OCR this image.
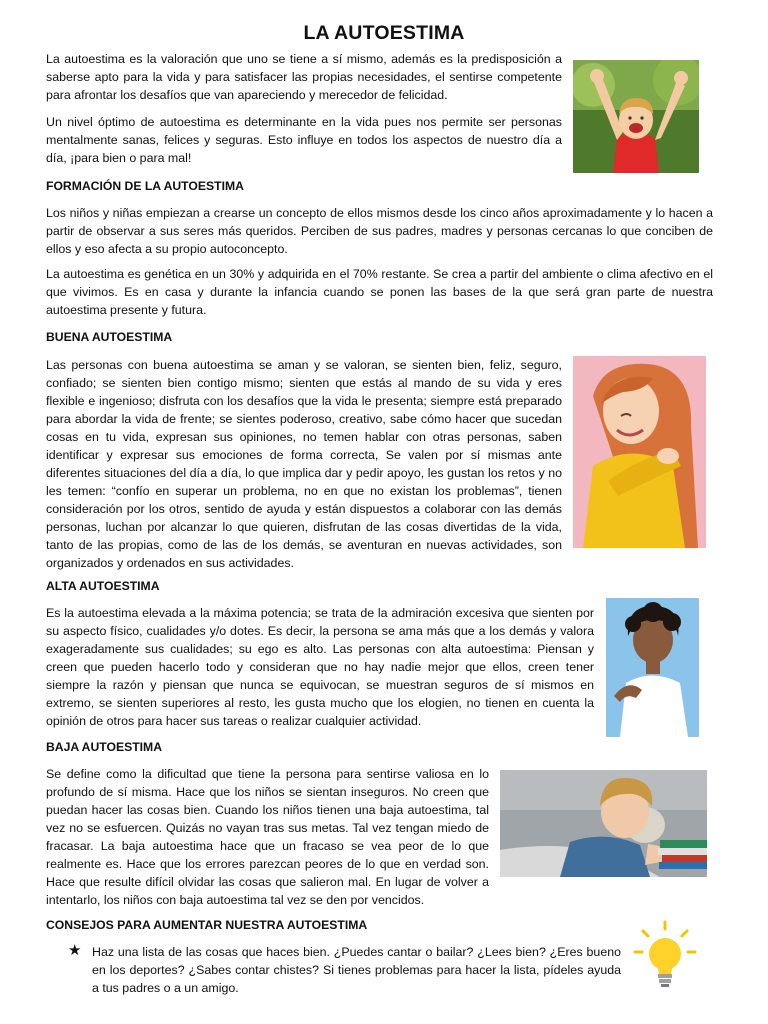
LA AUTOESTIMA

La autoestima es la valoración que uno se tiene a sí mismo, además es la predisposición a saberse apto para la vida y para satisfacer las propias necesidades, el sentirse competente para afrontar los desafíos que van apareciendo y merecedor de felicidad.

Un nivel óptimo de autoestima es determinante en la vida pues nos permite ser personas mentalmente sanas, felices y seguras. Esto influye en todos los aspectos de nuestro día a día, ¡para bien o para mal!

FORMACIÓN DE LA AUTOESTIMA

Los niños y niñas empiezan a crearse un concepto de ellos mismos desde los cinco años aproximadamente y lo hacen a partir de observar a sus seres más queridos. Perciben de sus padres, madres y personas cercanas lo que conciben de ellos y eso afecta a su propio autoconcepto.

La autoestima es genética en un 30% y adquirida en el 70% restante. Se crea a partir del ambiente o clima afectivo en el que vivimos. Es en casa y durante la infancia cuando se ponen las bases de la que será gran parte de nuestra autoestima presente y futura.

BUENA AUTOESTIMA

Las personas con buena autoestima se aman y se valoran, se sienten bien, feliz, seguro, confiado; se sienten bien contigo mismo; sienten que estás al mando de su vida y eres flexible e ingenioso; disfruta con los desafíos que la vida le presenta; siempre está preparado para abordar la vida de frente; se sientes poderoso, creativo, sabe cómo hacer que sucedan cosas en tu vida, expresan sus opiniones, no temen hablar con otras personas, saben identificar y expresar sus emociones de forma correcta, Se valen por sí mismas ante diferentes situaciones del día a día, lo que implica dar y pedir apoyo, les gustan los retos y no les temen: “confío en superar un problema, no en que no existan los problemas”, tienen consideración por los otros, sentido de ayuda y están dispuestos a colaborar con las demás personas, luchan por alcanzar lo que quieren, disfrutan de las cosas divertidas de la vida, tanto de las propias, como de las de los demás, se aventuran en nuevas actividades, son organizados y ordenados en sus actividades.

ALTA AUTOESTIMA

Es la autoestima elevada a la máxima potencia; se trata de la admiración excesiva que sienten por su aspecto físico, cualidades y/o dotes. Es decir, la persona se ama más que a los demás y valora exageradamente sus cualidades; su ego es alto. Las personas con alta autoestima: Piensan y creen que pueden hacerlo todo y consideran que no hay nadie mejor que ellos, creen tener siempre la razón y piensan que nunca se equivocan, se muestran seguros de sí mismos en extremo, se sienten superiores al resto, les gusta mucho que los elogien, no tienen en cuenta la opinión de otros para hacer sus tareas o realizar cualquier actividad.

BAJA AUTOESTIMA

Se define como la dificultad que tiene la persona para sentirse valiosa en lo profundo de sí misma. Hace que los niños se sientan inseguros. No creen que puedan hacer las cosas bien. Cuando los niños tienen una baja autoestima, tal vez no se esfuercen. Quizás no vayan tras sus metas. Tal vez tengan miedo de fracasar. La baja autoestima hace que un fracaso se vea peor de lo que realmente es. Hace que los errores parezcan peores de lo que en verdad son. Hace que resulte difícil olvidar las cosas que salieron mal. En lugar de volver a intentarlo, los niños con baja autoestima tal vez se den por vencidos.

CONSEJOS PARA AUMENTAR NUESTRA AUTOESTIMA

★ Haz una lista de las cosas que haces bien. ¿Puedes cantar o bailar? ¿Lees bien? ¿Eres bueno en los deportes? ¿Sabes contar chistes? Si tienes problemas para hacer la lista, pídeles ayuda a tus padres o a un amigo.
